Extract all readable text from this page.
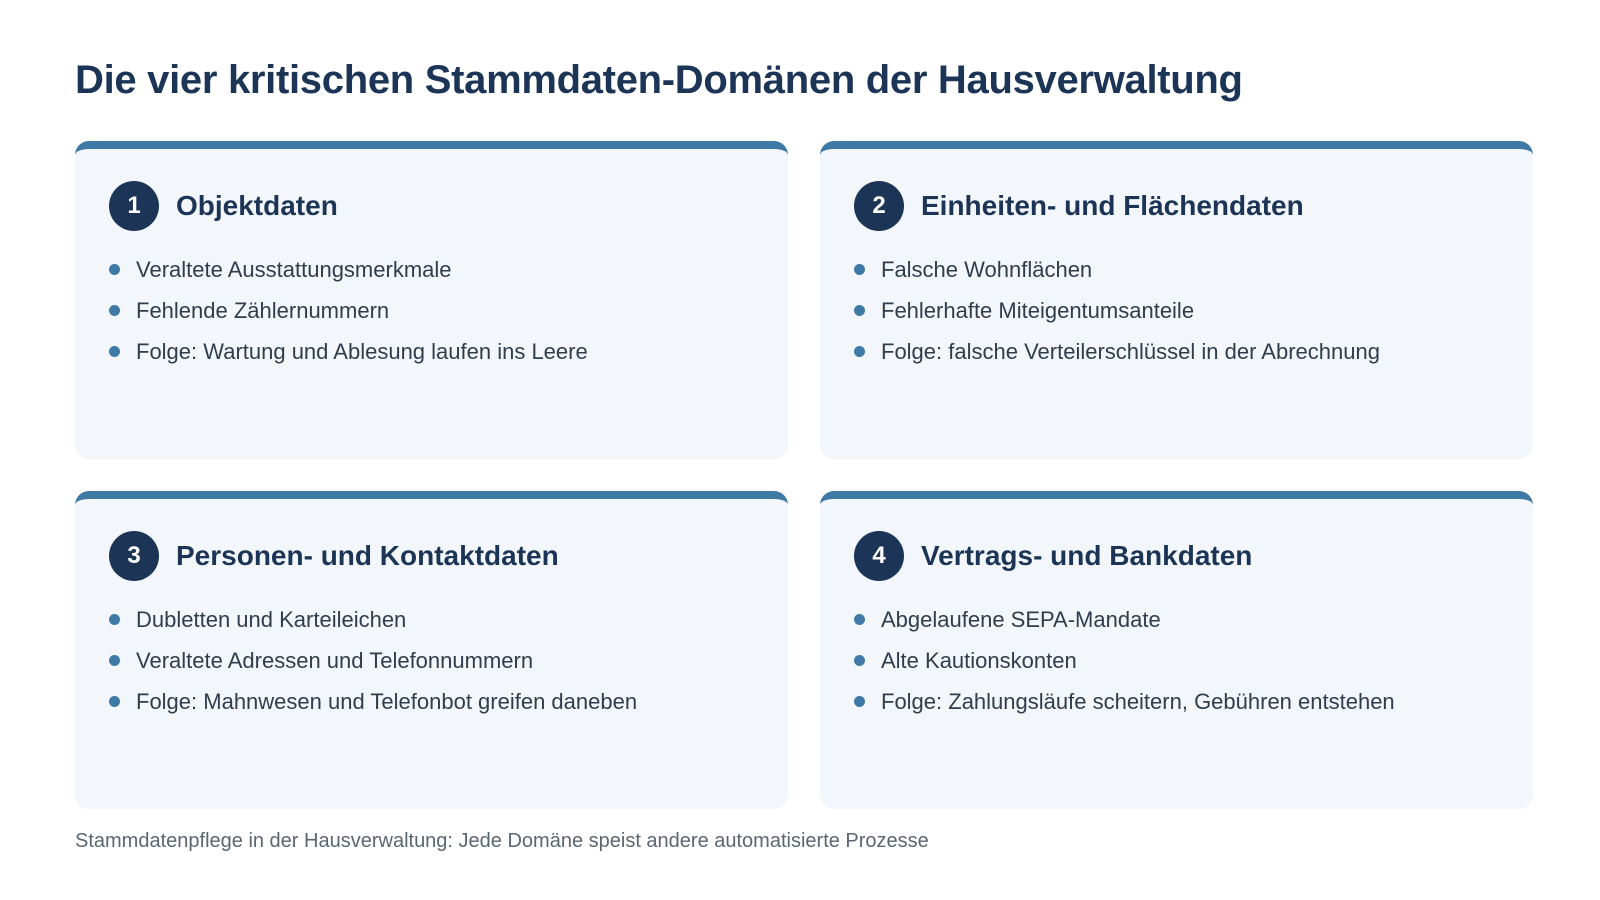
Die vier kritischen Stammdaten-Domänen der Hausverwaltung
1	Objektdaten
Veraltete Ausstattungsmerkmale
Fehlende Zählernummern
Folge: Wartung und Ablesung laufen ins Leere
2	Einheiten- und Flächendaten
Falsche Wohnflächen
Fehlerhafte Miteigentumsanteile
Folge: falsche Verteilerschlüssel in der Abrechnung
3	Personen- und Kontaktdaten
Dubletten und Karteileichen
Veraltete Adressen und Telefonnummern
Folge: Mahnwesen und Telefonbot greifen daneben
4	Vertrags- und Bankdaten
Abgelaufene SEPA-Mandate
Alte Kautionskonten
Folge: Zahlungsläufe scheitern, Gebühren entstehen

Stammdatenpflege in der Hausverwaltung: Jede Domäne speist andere automatisierte Prozesse
